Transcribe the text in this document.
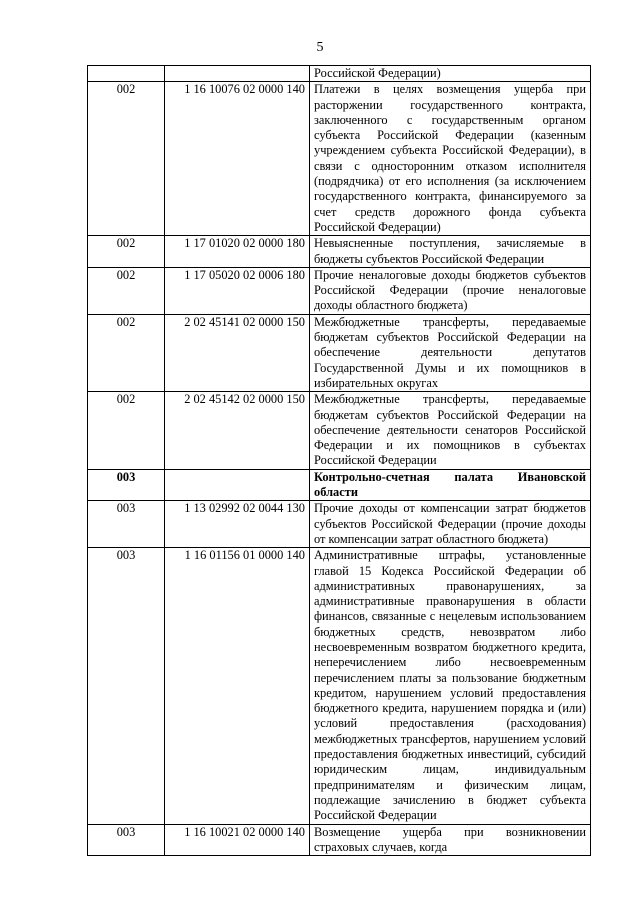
5
		Российской Федерации)
002	1 16 10076 02 0000 140	Платежи в целях возмещения ущерба при расторжении государственного контракта, заключенного с государственным органом субъекта Российской Федерации (казенным учреждением субъекта Российской Федерации), в связи с односторонним отказом исполнителя (подрядчика) от его исполнения (за исключением государственного контракта, финансируемого за счет средств дорожного фонда субъекта Российской Федерации)
002	1 17 01020 02 0000 180	Невыясненные поступления, зачисляемые в бюджеты субъектов Российской Федерации
002	1 17 05020 02 0006 180	Прочие неналоговые доходы бюджетов субъектов Российской Федерации (прочие неналоговые доходы областного бюджета)
002	2 02 45141 02 0000 150	Межбюджетные трансферты, передаваемые бюджетам субъектов Российской Федерации на обеспечение деятельности депутатов Государственной Думы и их помощников в избирательных округах
002	2 02 45142 02 0000 150	Межбюджетные трансферты, передаваемые бюджетам субъектов Российской Федерации на обеспечение деятельности сенаторов Российской Федерации и их помощников в субъектах Российской Федерации
003		Контрольно-счетная палата Ивановской области
003	1 13 02992 02 0044 130	Прочие доходы от компенсации затрат бюджетов субъектов Российской Федерации (прочие доходы от компенсации затрат областного бюджета)
003	1 16 01156 01 0000 140	Административные штрафы, установленные главой 15 Кодекса Российской Федерации об административных правонарушениях, за административные правонарушения в области финансов, связанные с нецелевым использованием бюджетных средств, невозвратом либо несвоевременным возвратом бюджетного кредита, неперечислением либо несвоевременным перечислением платы за пользование бюджетным кредитом, нарушением условий предоставления бюджетного кредита, нарушением порядка и (или) условий предоставления (расходования) межбюджетных трансфертов, нарушением условий предоставления бюджетных инвестиций, субсидий юридическим лицам, индивидуальным предпринимателям и физическим лицам, подлежащие зачислению в бюджет субъекта Российской Федерации
003	1 16 10021 02 0000 140	Возмещение ущерба при возникновении страховых случаев, когда
